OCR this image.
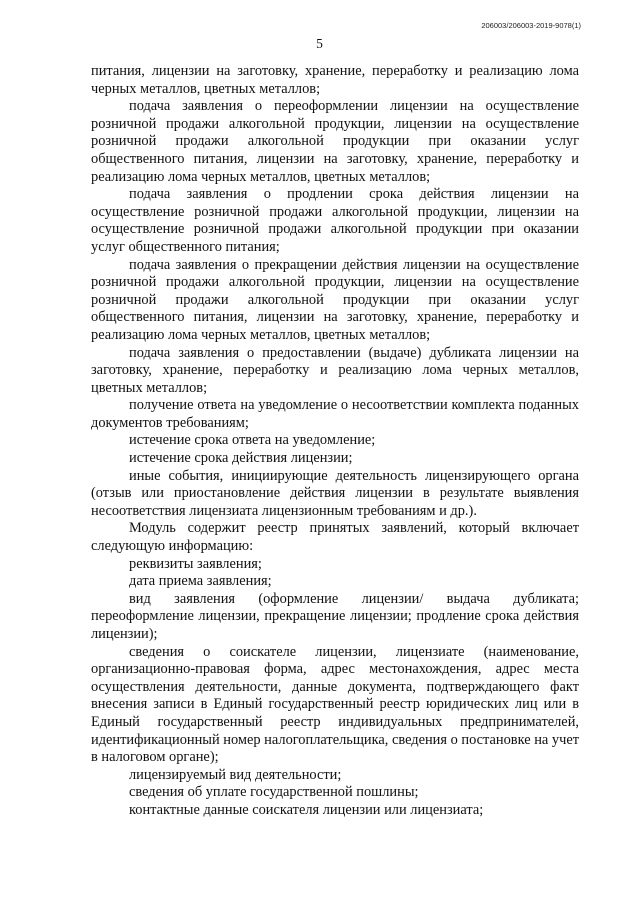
206003/206003-2019-9078(1)
5

питания, лицензии на заготовку, хранение, переработку и реализацию лома черных металлов, цветных металлов;

подача заявления о переоформлении лицензии на осуществление розничной продажи алкогольной продукции, лицензии на осуществление розничной продажи алкогольной продукции при оказании услуг общественного питания, лицензии на заготовку, хранение, переработку и реализацию лома черных металлов, цветных металлов;

подача заявления о продлении срока действия лицензии на осуществление розничной продажи алкогольной продукции, лицензии на осуществление розничной продажи алкогольной продукции при оказании услуг общественного питания;

подача заявления о прекращении действия лицензии на осуществление розничной продажи алкогольной продукции, лицензии на осуществление розничной продажи алкогольной продукции при оказании услуг общественного питания, лицензии на заготовку, хранение, переработку и реализацию лома черных металлов, цветных металлов;

подача заявления о предоставлении (выдаче) дубликата лицензии на заготовку, хранение, переработку и реализацию лома черных металлов, цветных металлов;

получение ответа на уведомление о несоответствии комплекта поданных документов требованиям;

истечение срока ответа на уведомление;

истечение срока действия лицензии;

иные события, инициирующие деятельность лицензирующего органа (отзыв или приостановление действия лицензии в результате выявления несоответствия лицензиата лицензионным требованиям и др.).

Модуль содержит реестр принятых заявлений, который включает следующую информацию:

реквизиты заявления;

дата приема заявления;

вид заявления (оформление лицензии/ выдача дубликата; переоформление лицензии, прекращение лицензии; продление срока действия лицензии);

сведения о соискателе лицензии, лицензиате (наименование, организационно-правовая форма, адрес местонахождения, адрес места осуществления деятельности, данные документа, подтверждающего факт внесения записи в Единый государственный реестр юридических лиц или в Единый государственный реестр индивидуальных предпринимателей, идентификационный номер налогоплательщика, сведения о постановке на учет в налоговом органе);

лицензируемый вид деятельности;

сведения об уплате государственной пошлины;

контактные данные соискателя лицензии или лицензиата;
